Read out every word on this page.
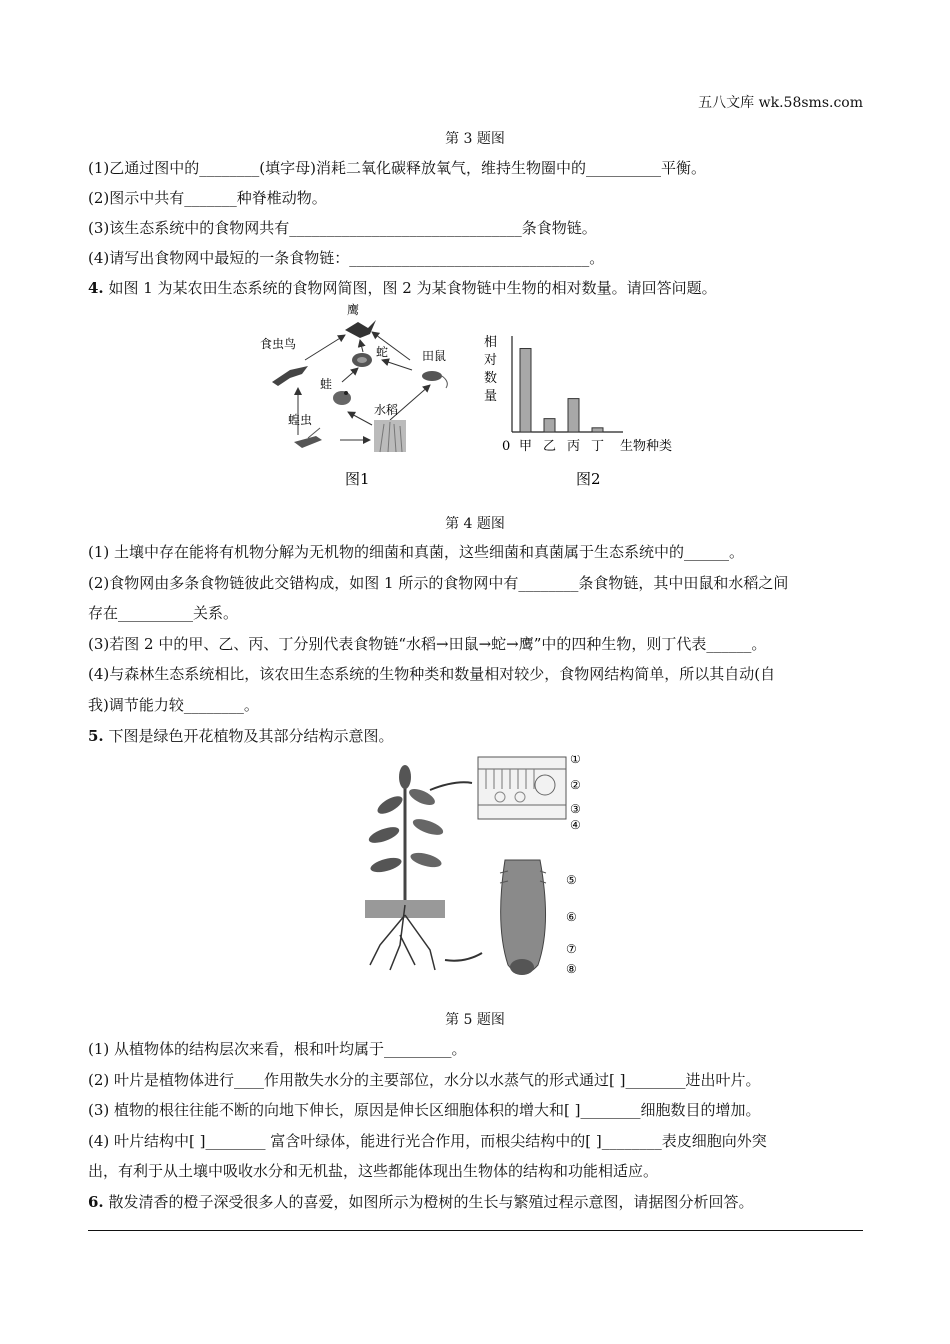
五八文库 wk.58sms.com
第 3 题图
(1)乙通过图中的________(填字母)消耗二氧化碳释放氧气，维持生物圈中的__________平衡。
(2)图示中共有_______种脊椎动物。
(3)该生态系统中的食物网共有_______________________________条食物链。
(4)请写出食物网中最短的一条食物链：________________________________。
4. 如图 1 为某农田生态系统的食物网简图，图 2 为某食物链中生物的相对数量。请回答问题。
鹰
食虫鸟
蛇	田鼠
蛙
蝗虫
水稻
图1
相
对
数
量
0 甲 乙 丙 丁 生物种类
图2
第 4 题图
(1) 土壤中存在能将有机物分解为无机物的细菌和真菌，这些细菌和真菌属于生态系统中的______。
(2)食物网由多条食物链彼此交错构成，如图 1 所示的食物网中有________条食物链，其中田鼠和水稻之间
存在__________关系。
(3)若图 2 中的甲、乙、丙、丁分别代表食物链“水稻→田鼠→蛇→鹰”中的四种生物，则丁代表______。
(4)与森林生态系统相比，该农田生态系统的生物种类和数量相对较少，食物网结构简单，所以其自动(自
我)调节能力较________。
5. 下图是绿色开花植物及其部分结构示意图。
①
②
③
④
⑤
⑥
⑦
⑧
第 5 题图
(1) 从植物体的结构层次来看，根和叶均属于_________。
(2) 叶片是植物体进行____作用散失水分的主要部位，水分以水蒸气的形式通过[ ]________进出叶片。
(3) 植物的根往往能不断的向地下伸长，原因是伸长区细胞体积的增大和[ ]________细胞数目的增加。
(4) 叶片结构中[ ]________ 富含叶绿体，能进行光合作用，而根尖结构中的[ ]________表皮细胞向外突
出，有利于从土壤中吸收水分和无机盐，这些都能体现出生物体的结构和功能相适应。
6. 散发清香的橙子深受很多人的喜爱，如图所示为橙树的生长与繁殖过程示意图，请据图分析回答。
